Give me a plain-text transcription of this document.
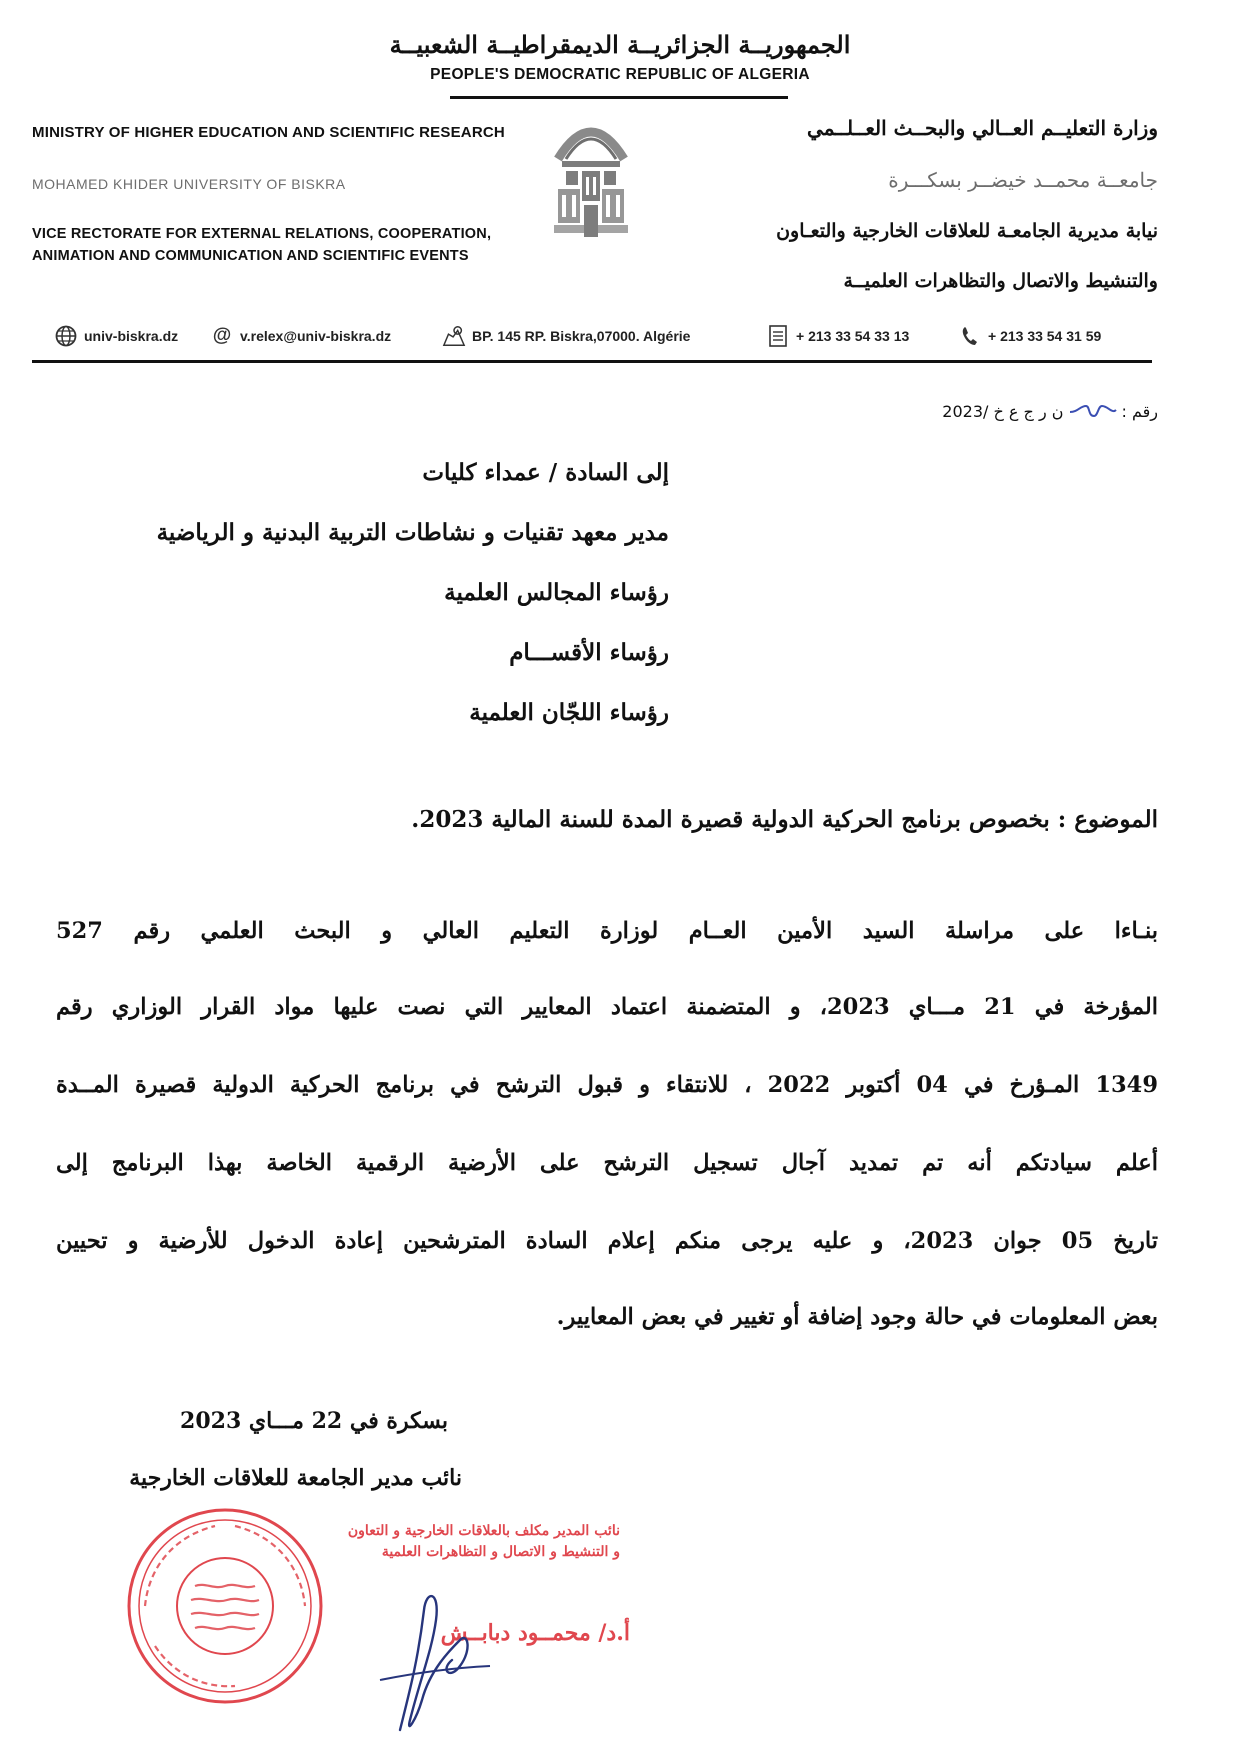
الجمهوريــة الجزائريــة الديمقراطيــة الشعبيــة
PEOPLE'S DEMOCRATIC REPUBLIC OF ALGERIA
MINISTRY OF HIGHER EDUCATION AND SCIENTIFIC RESEARCH
MOHAMED KHIDER UNIVERSITY OF BISKRA
VICE RECTORATE FOR EXTERNAL RELATIONS, COOPERATION,
ANIMATION AND COMMUNICATION AND SCIENTIFIC EVENTS
وزارة التعليــم العــالي والبحــث العــلــمي
جامعــة محمــد خيضــر بسكـــرة
نيابة مديرية الجامعـة للعلاقات الخارجية والتعـاون
والتنشيط والاتصال والتظاهرات العلميــة
univ-biskra.dz @ v.relex@univ-biskra.dz	BP. 145 RP. Biskra,07000. Algérie	+ 213 33 54 33 13	+ 213 33 54 31 59
رقم :
ن ر ج ع خ /2023
إلى السادة / عمداء كليات
مدير معهد تقنيات و نشاطات التربية البدنية و الرياضية
رؤساء المجالس العلمية
رؤساء الأقســـام
رؤساء اللجّان العلمية
الموضوع : بخصوص برنامج الحركية الدولية قصيرة المدة للسنة المالية 2023.
بنـاءا على مراسلة السيد الأمين العــام لوزارة التعليم العالي و البحث العلمي رقم 527
المؤرخة في 21 مـــاي 2023، و المتضمنة اعتماد المعايير التي نصت عليها مواد القرار الوزاري رقم
1349 المـؤرخ في 04 أكتوبر 2022 ، للانتقاء و قبول الترشح في برنامج الحركية الدولية قصيرة المــدة
أعلم سيادتكم أنه تم تمديد آجال تسجيل الترشح على الأرضية الرقمية الخاصة بهذا البرنامج إلى
تاريخ 05 جوان 2023، و عليه يرجى منكم إعلام السادة المترشحين إعادة الدخول للأرضية و تحيين
بعض المعلومات في حالة وجود إضافة أو تغيير في بعض المعايير.
بسكرة في 22 مـــاي 2023
نائب مدير الجامعة للعلاقات الخارجية
نائب المدير مكلف بالعلاقات الخارجية و التعاون
و التنشيط و الاتصال و التظاهرات العلمية
أ.د/ محمــود دبابــش
